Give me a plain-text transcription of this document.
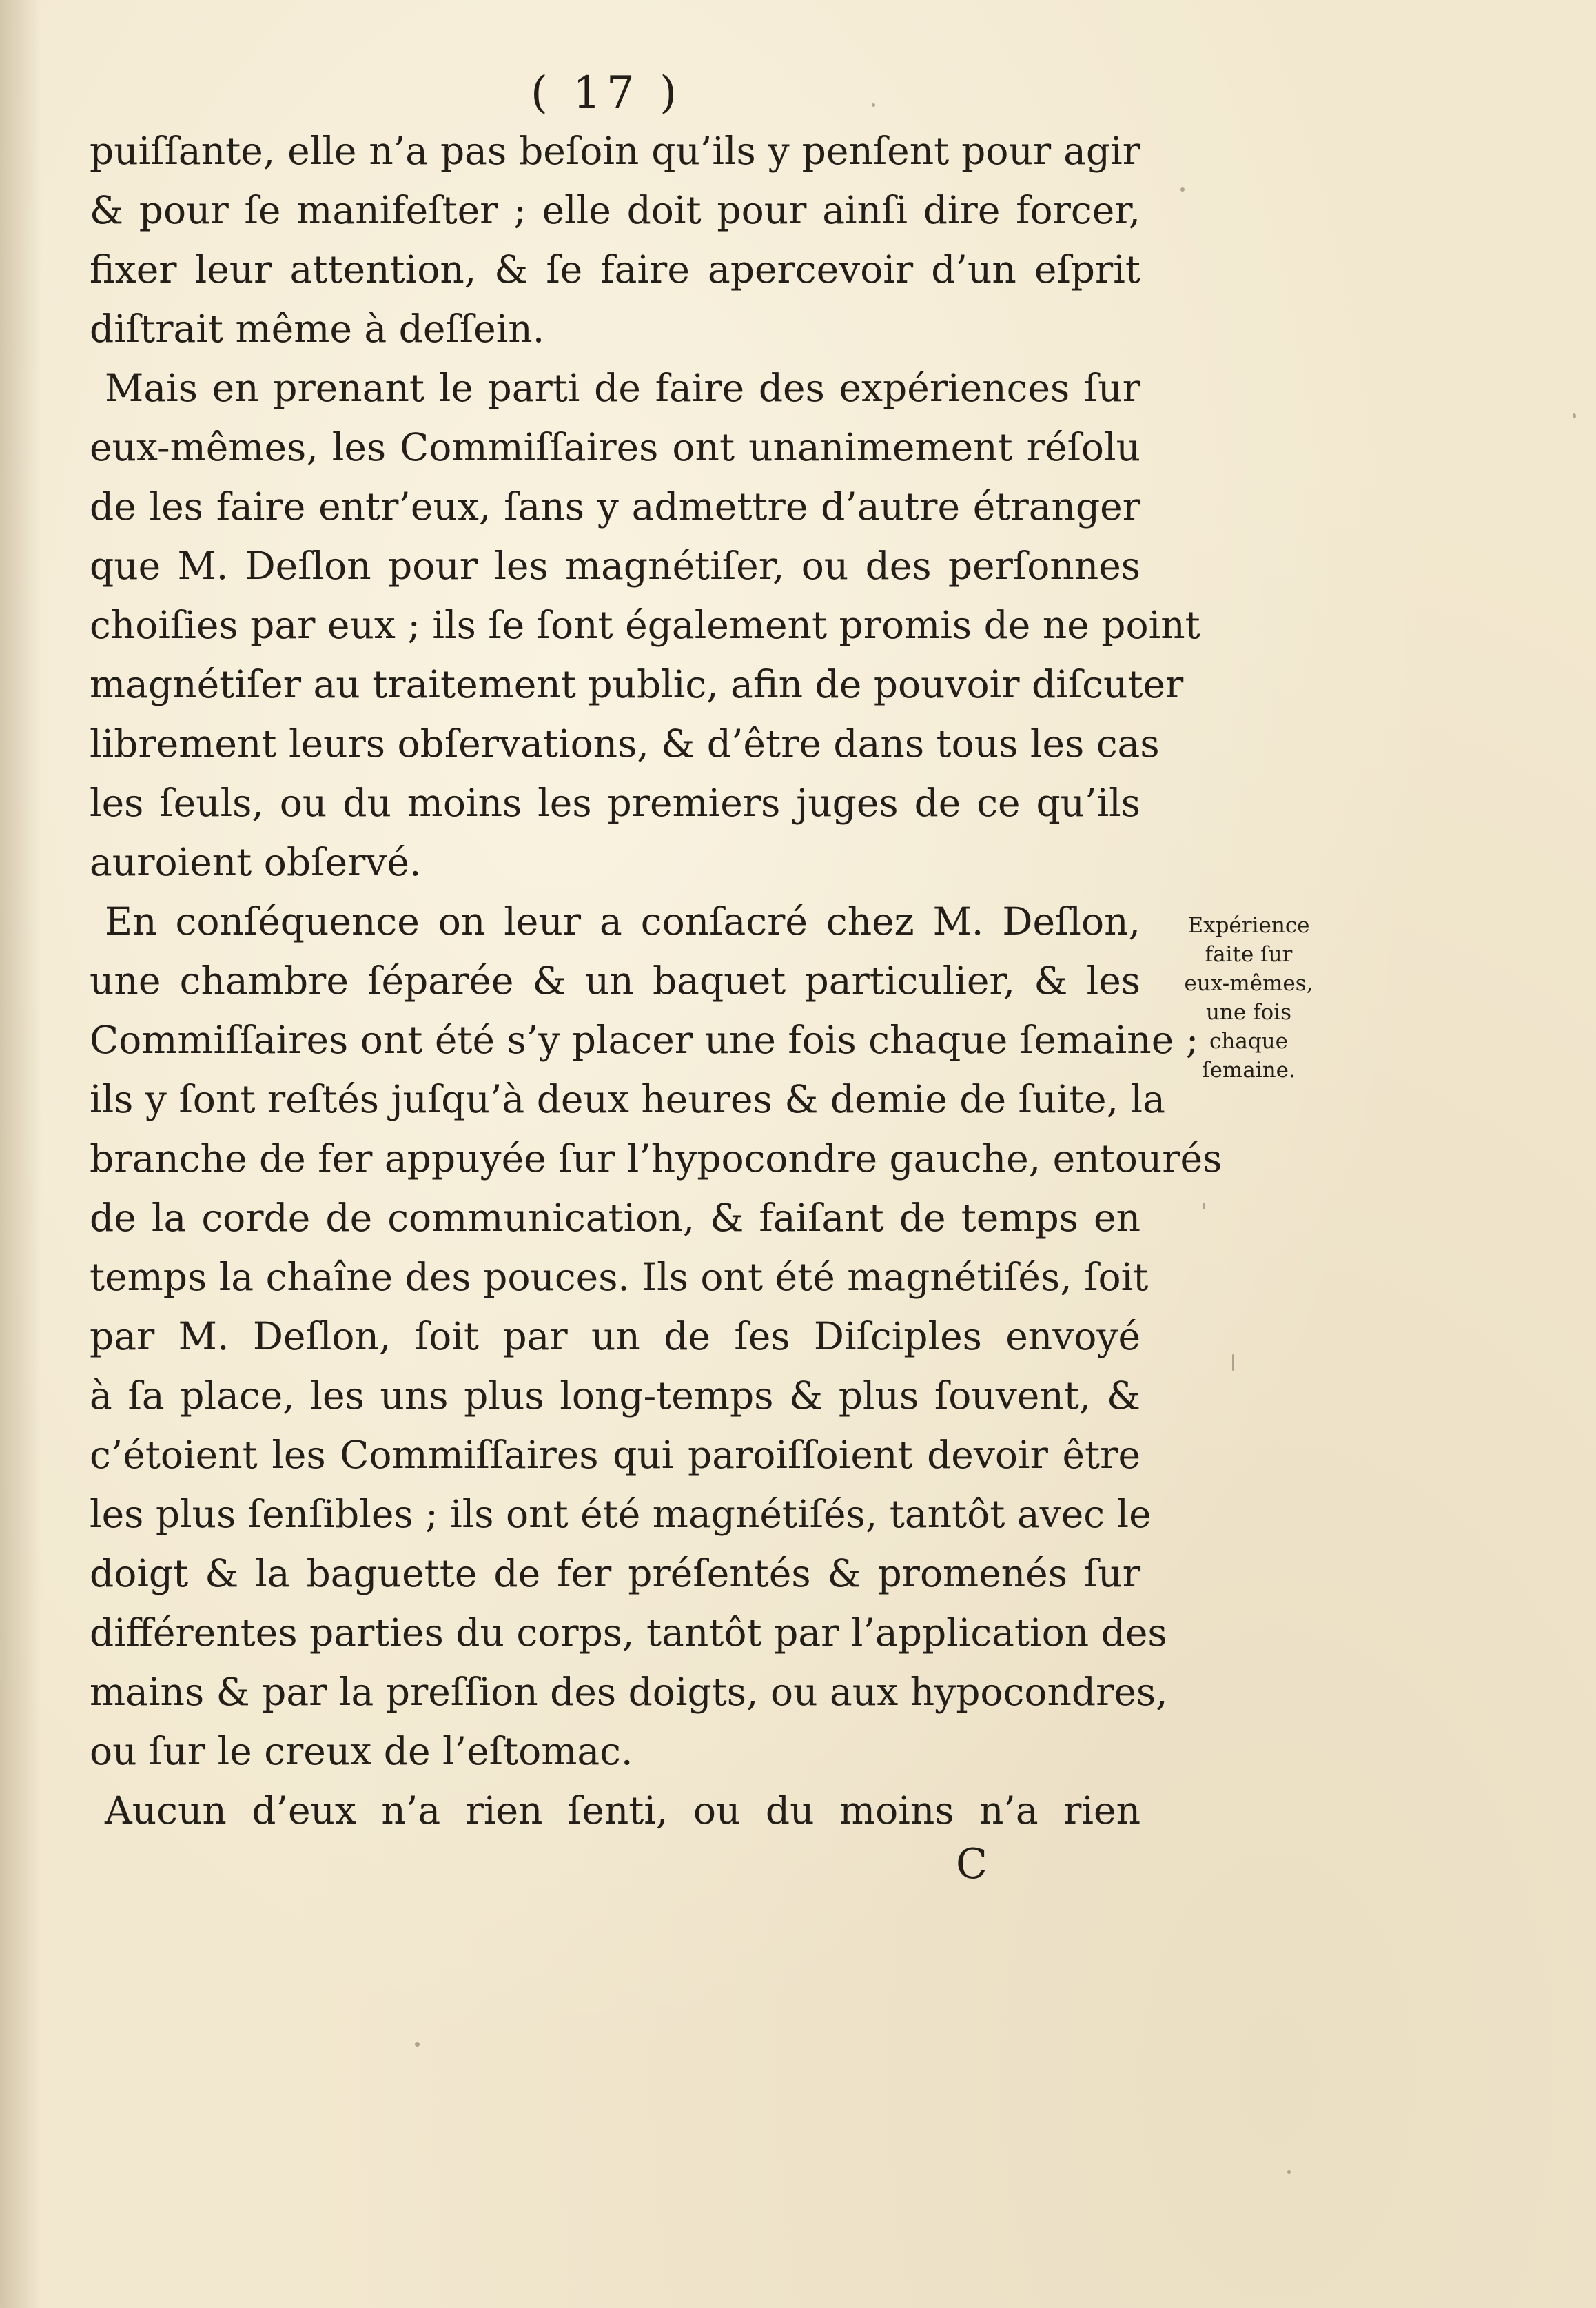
( 17 )
puiſſante, elle n’a pas beſoin qu’ils y penſent pour agir
& pour ſe manifeſter ; elle doit pour ainſi dire forcer,
fixer leur attention, & ſe faire apercevoir d’un eſprit
diſtrait même à deſſein.
Mais en prenant le parti de faire des expériences ſur
eux-mêmes, les Commiſſaires ont unanimement réſolu
de les faire entr’eux, ſans y admettre d’autre étranger
que M. Deſlon pour les magnétiſer, ou des perſonnes
choiſies par eux ; ils ſe ſont également promis de ne point
magnétiſer au traitement public, afin de pouvoir diſcuter
librement leurs obſervations, & d’être dans tous les cas
les ſeuls, ou du moins les premiers juges de ce qu’ils
auroient obſervé.
En conſéquence on leur a conſacré chez M. Deſlon,
une chambre ſéparée & un baquet particulier, & les
Commiſſaires ont été s’y placer une fois chaque ſemaine ;
ils y ſont reſtés juſqu’à deux heures & demie de ſuite, la
branche de fer appuyée ſur l’hypocondre gauche, entourés
de la corde de communication, & faiſant de temps en
temps la chaîne des pouces. Ils ont été magnétiſés, ſoit
par M. Deſlon, ſoit par un de ſes Diſciples envoyé
à ſa place, les uns plus long-temps & plus ſouvent, &
c’étoient les Commiſſaires qui paroiſſoient devoir être
les plus ſenſibles ; ils ont été magnétiſés, tantôt avec le
doigt & la baguette de fer préſentés & promenés ſur
différentes parties du corps, tantôt par l’application des
mains & par la preſſion des doigts, ou aux hypocondres,
ou ſur le creux de l’eſtomac.
Aucun d’eux n’a rien ſenti, ou du moins n’a rien
Expérience
faite ſur
eux-mêmes,
une fois
chaque
ſemaine.
C
